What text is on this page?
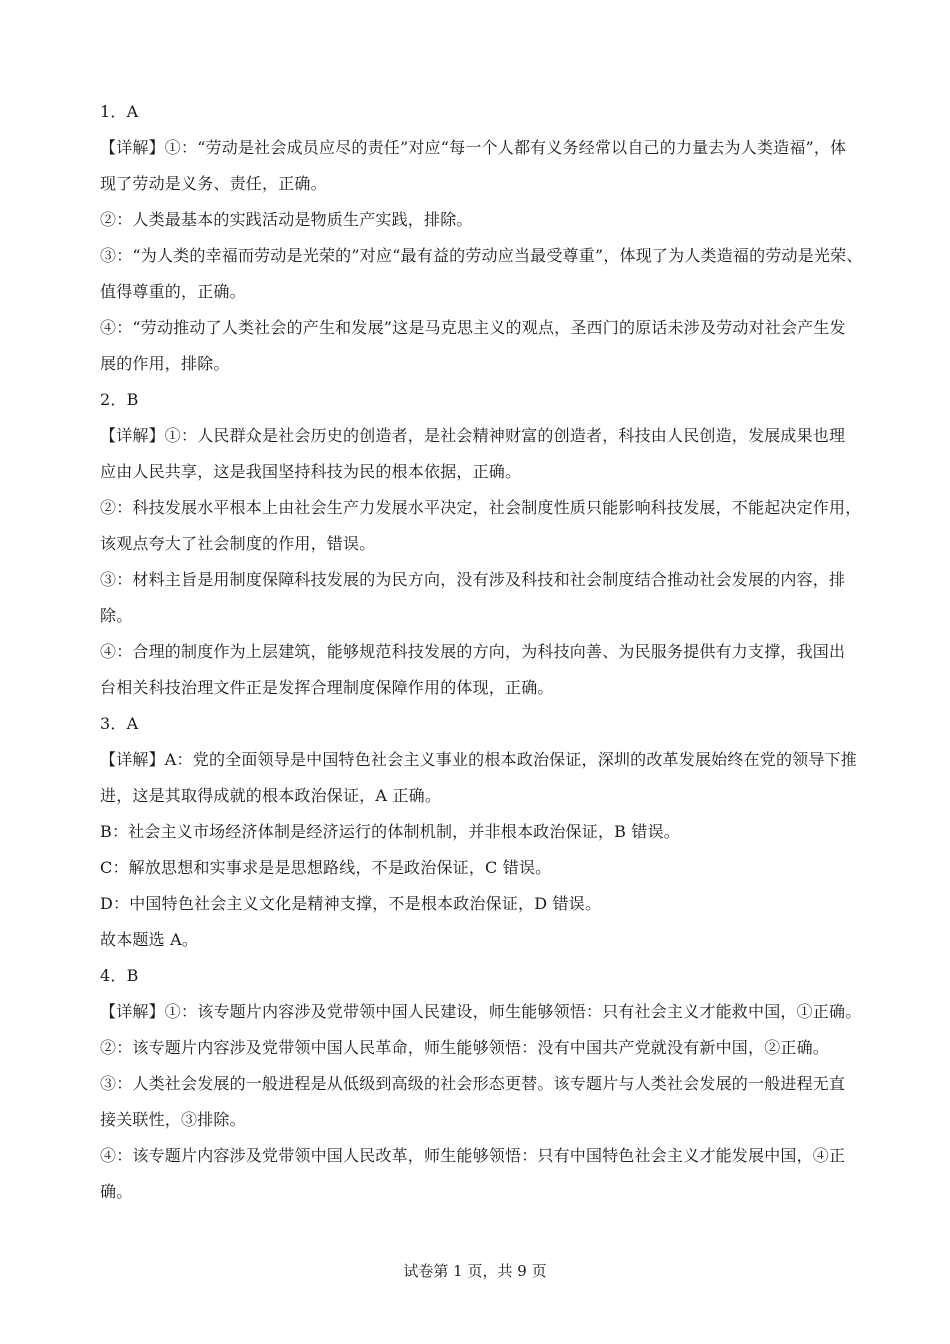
1．A
【详解】①：“劳动是社会成员应尽的责任”对应“每一个人都有义务经常以自己的力量去为人类造福”，体
现了劳动是义务、责任，正确。
②：人类最基本的实践活动是物质生产实践，排除。
③：“为人类的幸福而劳动是光荣的”对应“最有益的劳动应当最受尊重”，体现了为人类造福的劳动是光荣、
值得尊重的，正确。
④：“劳动推动了人类社会的产生和发展”这是马克思主义的观点，圣西门的原话未涉及劳动对社会产生发
展的作用，排除。
2．B
【详解】①：人民群众是社会历史的创造者，是社会精神财富的创造者，科技由人民创造，发展成果也理
应由人民共享，这是我国坚持科技为民的根本依据，正确。
②：科技发展水平根本上由社会生产力发展水平决定，社会制度性质只能影响科技发展，不能起决定作用，
该观点夸大了社会制度的作用，错误。
③：材料主旨是用制度保障科技发展的为民方向，没有涉及科技和社会制度结合推动社会发展的内容，排
除。
④：合理的制度作为上层建筑，能够规范科技发展的方向，为科技向善、为民服务提供有力支撑，我国出
台相关科技治理文件正是发挥合理制度保障作用的体现，正确。
3．A
【详解】A：党的全面领导是中国特色社会主义事业的根本政治保证，深圳的改革发展始终在党的领导下推
进，这是其取得成就的根本政治保证，A 正确。
B：社会主义市场经济体制是经济运行的体制机制，并非根本政治保证，B 错误。
C：解放思想和实事求是是思想路线，不是政治保证，C 错误。
D：中国特色社会主义文化是精神支撑，不是根本政治保证，D 错误。
故本题选 A。
4．B
【详解】①：该专题片内容涉及党带领中国人民建设，师生能够领悟：只有社会主义才能救中国，①正确。
②：该专题片内容涉及党带领中国人民革命，师生能够领悟：没有中国共产党就没有新中国，②正确。
③：人类社会发展的一般进程是从低级到高级的社会形态更替。该专题片与人类社会发展的一般进程无直
接关联性，③排除。
④：该专题片内容涉及党带领中国人民改革，师生能够领悟：只有中国特色社会主义才能发展中国，④正
确。
试卷第 1 页，共 9 页
